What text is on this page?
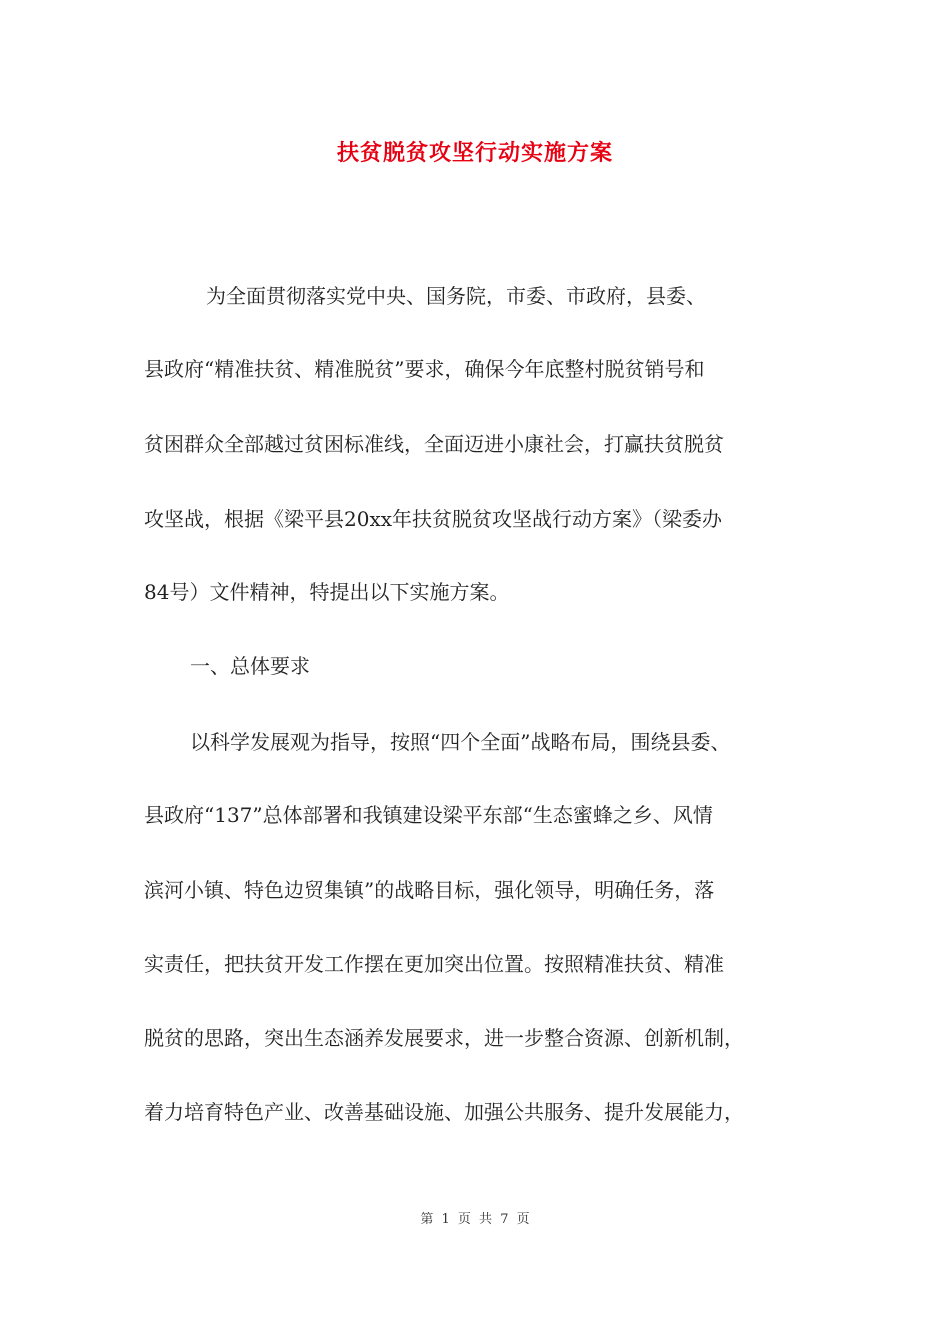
扶贫脱贫攻坚行动实施方案
为全面贯彻落实党中央、国务院，市委、市政府，县委、
县政府“精准扶贫、精准脱贫”要求，确保今年底整村脱贫销号和
贫困群众全部越过贫困标准线，全面迈进小康社会，打赢扶贫脱贫
攻坚战，根据《梁平县20xx年扶贫脱贫攻坚战行动方案》（梁委办
84号）文件精神，特提出以下实施方案。
一、总体要求
以科学发展观为指导，按照“四个全面”战略布局，围绕县委、
县政府“137”总体部署和我镇建设梁平东部“生态蜜蜂之乡、风情
滨河小镇、特色边贸集镇”的战略目标，强化领导，明确任务，落
实责任，把扶贫开发工作摆在更加突出位置。按照精准扶贫、精准
脱贫的思路，突出生态涵养发展要求，进一步整合资源、创新机制，
着力培育特色产业、改善基础设施、加强公共服务、提升发展能力，
第 1 页 共 7 页
